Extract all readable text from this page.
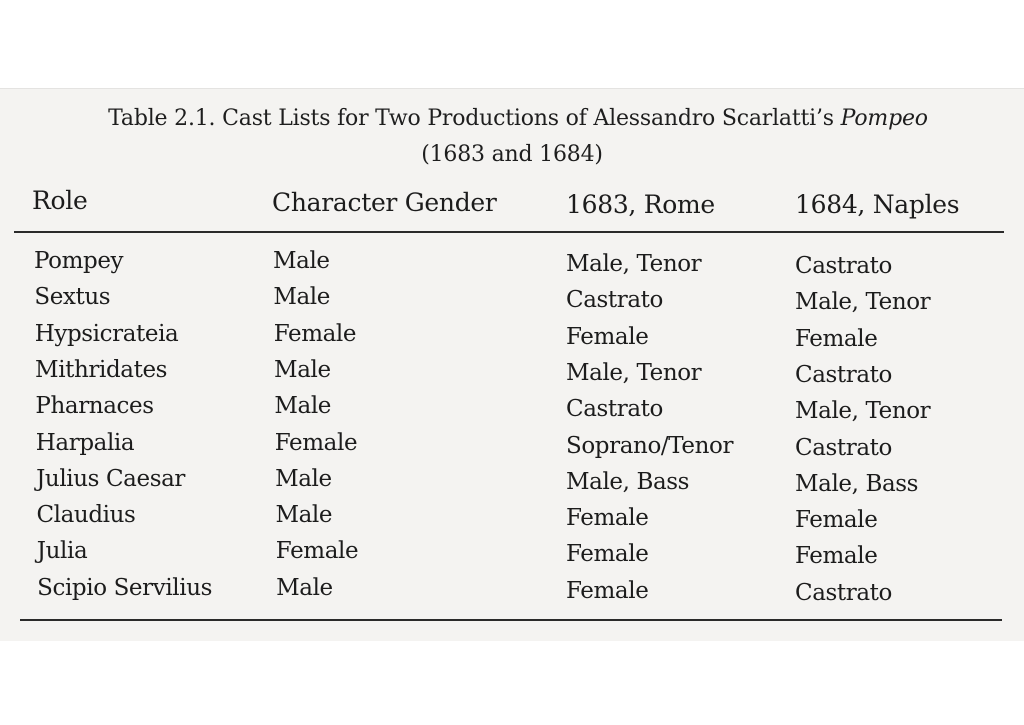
Table 2.1. Cast Lists for Two Productions of Alessandro Scarlatti’s Pompeo
(1683 and 1684)
Role	Character Gender	1683, Rome	1684, Naples
Pompey	Male	Male, Tenor	Castrato
Sextus	Male	Castrato	Male, Tenor
Hypsicrateia	Female	Female	Female
Mithridates	Male	Male, Tenor	Castrato
Pharnaces	Male	Castrato	Male, Tenor
Harpalia	Female	Soprano/Tenor	Castrato
Julius Caesar	Male	Male, Bass	Male, Bass
Claudius	Male	Female	Female
Julia	Female	Female	Female
Scipio Servilius	Male	Female	Castrato
